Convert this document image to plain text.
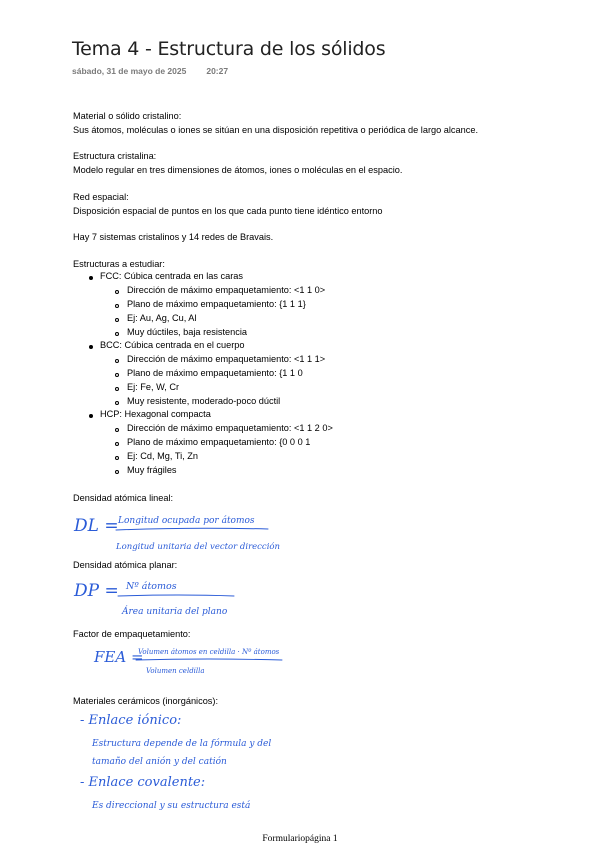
Tema 4 - Estructura de los sólidos
sábado, 31 de mayo de 2025 20:27
Material o sólido cristalino:
Sus átomos, moléculas o iones se sitúan en una disposición repetitiva o periódica de largo alcance.
Estructura cristalina:
Modelo regular en tres dimensiones de átomos, iones o moléculas en el espacio.
Red espacial:
Disposición espacial de puntos en los que cada punto tiene idéntico entorno
Hay 7 sistemas cristalinos y 14 redes de Bravais.
Estructuras a estudiar:
FCC: Cúbica centrada en las caras
Dirección de máximo empaquetamiento: <1 1 0>
Plano de máximo empaquetamiento: {1 1 1}
Ej: Au, Ag, Cu, Al
Muy dúctiles, baja resistencia
BCC: Cúbica centrada en el cuerpo
Dirección de máximo empaquetamiento: <1 1 1>
Plano de máximo empaquetamiento: {1 1 0
Ej: Fe, W, Cr
Muy resistente, moderado-poco dúctil
HCP: Hexagonal compacta
Dirección de máximo empaquetamiento: <1 1 2 0>
Plano de máximo empaquetamiento: {0 0 0 1
Ej: Cd, Mg, Ti, Zn
Muy frágiles
Densidad atómica lineal:
DL = Longitud ocupada por átomos
Longitud unitaria del vector dirección
Densidad atómica planar:
DP = Nº átomos
Área unitaria del plano
Factor de empaquetamiento:
FEA =
Volumen átomos en celdilla · Nº átomos
Volumen celdilla
Materiales cerámicos (inorgánicos):
- Enlace iónico:
Estructura depende de la fórmula y del
tamaño del anión y del catión
- Enlace covalente:
Es direccional y su estructura está
Formulariopágina 1
